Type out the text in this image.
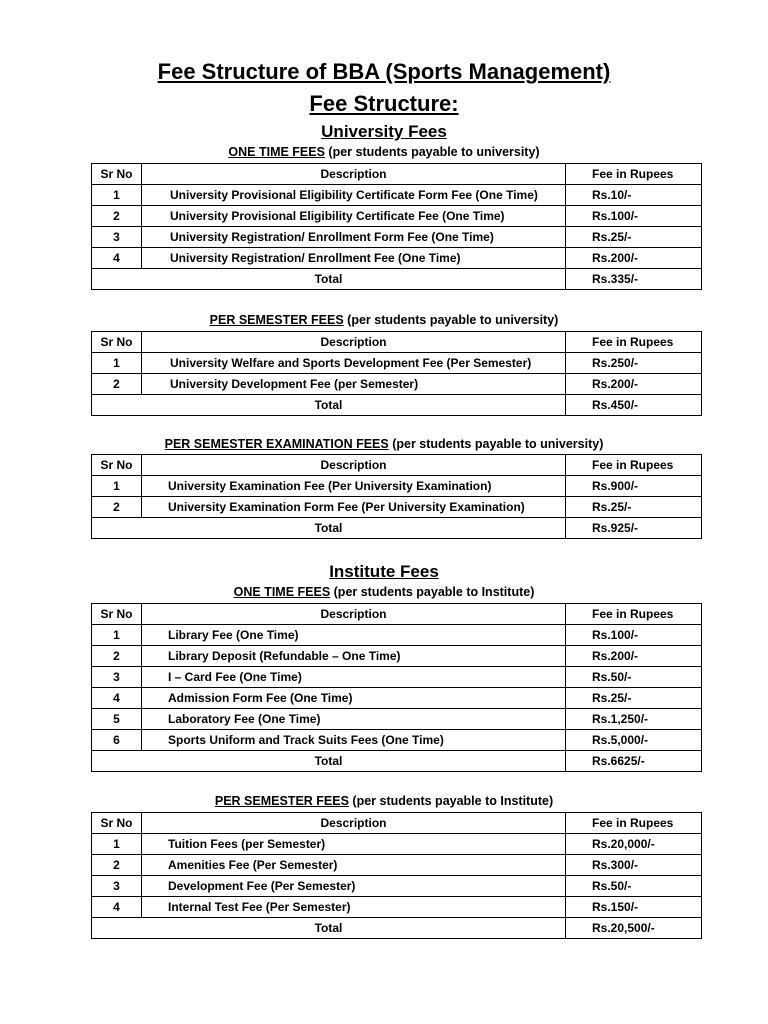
Fee Structure of BBA (Sports Management)
Fee Structure:
University Fees

ONE TIME FEES (per students payable to university)

Sr No	Description	Fee in Rupees
1	University Provisional Eligibility Certificate Form Fee (One Time)	Rs.10/-
2	University Provisional Eligibility Certificate Fee (One Time)	Rs.100/-
3	University Registration/ Enrollment Form Fee (One Time)	Rs.25/-
4	University Registration/ Enrollment Fee (One Time)	Rs.200/-
Total		Rs.335/-

PER SEMESTER FEES (per students payable to university)

Sr No	Description	Fee in Rupees
1	University Welfare and Sports Development Fee (Per Semester)	Rs.250/-
2	University Development Fee (per Semester)	Rs.200/-
Total		Rs.450/-

PER SEMESTER EXAMINATION FEES (per students payable to university)

Sr No	Description	Fee in Rupees
1	University Examination Fee (Per University Examination)	Rs.900/-
2	University Examination Form Fee (Per University Examination)	Rs.25/-
Total		Rs.925/-
Institute Fees

ONE TIME FEES (per students payable to Institute)

Sr No	Description	Fee in Rupees
1	Library Fee (One Time)	Rs.100/-
2	Library Deposit (Refundable – One Time)	Rs.200/-
3	I – Card Fee (One Time)	Rs.50/-
4	Admission Form Fee (One Time)	Rs.25/-
5	Laboratory Fee (One Time)	Rs.1,250/-
6	Sports Uniform and Track Suits Fees (One Time)	Rs.5,000/-
Total		Rs.6625/-

PER SEMESTER FEES (per students payable to Institute)

Sr No	Description	Fee in Rupees
1	Tuition Fees (per Semester)	Rs.20,000/-
2	Amenities Fee (Per Semester)	Rs.300/-
3	Development Fee (Per Semester)	Rs.50/-
4	Internal Test Fee (Per Semester)	Rs.150/-
Total		Rs.20,500/-
